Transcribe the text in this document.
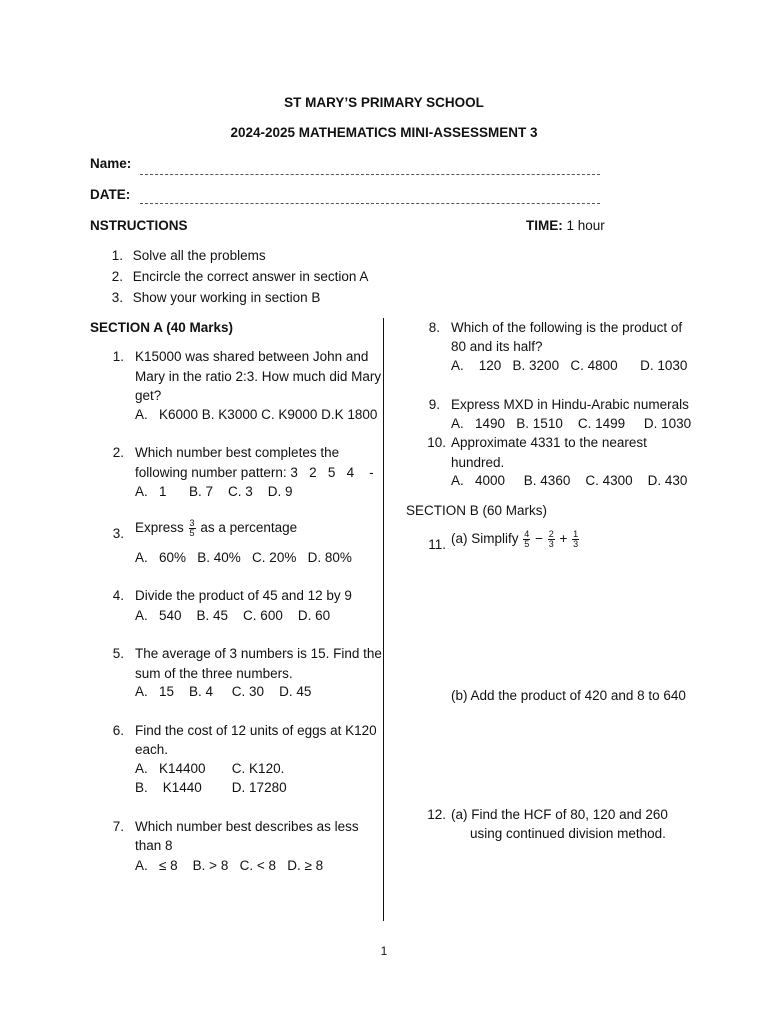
ST MARY’S PRIMARY SCHOOL
2024-2025 MATHEMATICS MINI-ASSESSMENT 3
Name:
DATE:
NSTRUCTIONS	TIME: 1 hour
1. Solve all the problems
2. Encircle the correct answer in section A
3. Show your working in section B
SECTION A (40 Marks)
1. K15000 was shared between John and
Mary in the ratio 2:3. How much did Mary
get?
A.   K6000 B. K3000 C. K9000 D.K 1800
2. Which number best completes the
following number pattern: 3   2   5   4    -
A.   1      B. 7    C. 3    D. 9
3. Express $\frac{3}{5}$ as a percentage
A.   60%   B. 40%   C. 20%   D. 80%
4. Divide the product of 45 and 12 by 9
A.   540    B. 45    C. 600    D. 60
5. The average of 3 numbers is 15. Find the
sum of the three numbers.
A.   15    B. 4     C. 30    D. 45
6. Find the cost of 12 units of eggs at K120
each.
A.   K14400       C. K120.
B.    K1440        D. 17280
7. Which number best describes as less
than 8
A.   ≤ 8    B. > 8   C. < 8   D. ≥ 8
8. Which of the following is the product of
80 and its half?
A.    120   B. 3200   C. 4800      D. 1030
9. Express MXD in Hindu-Arabic numerals
A.   1490   B. 1510    C. 1499     D. 1030
10. Approximate 4331 to the nearest
hundred.
A.   4000     B. 4360    C. 4300    D. 430
SECTION B (60 Marks)
11. (a) Simplify $\frac{4}{5} - \frac{2}{3} + \frac{1}{3}$
(b) Add the product of 420 and 8 to 640
12. (a) Find the HCF of 80, 120 and 260
using continued division method.
1
